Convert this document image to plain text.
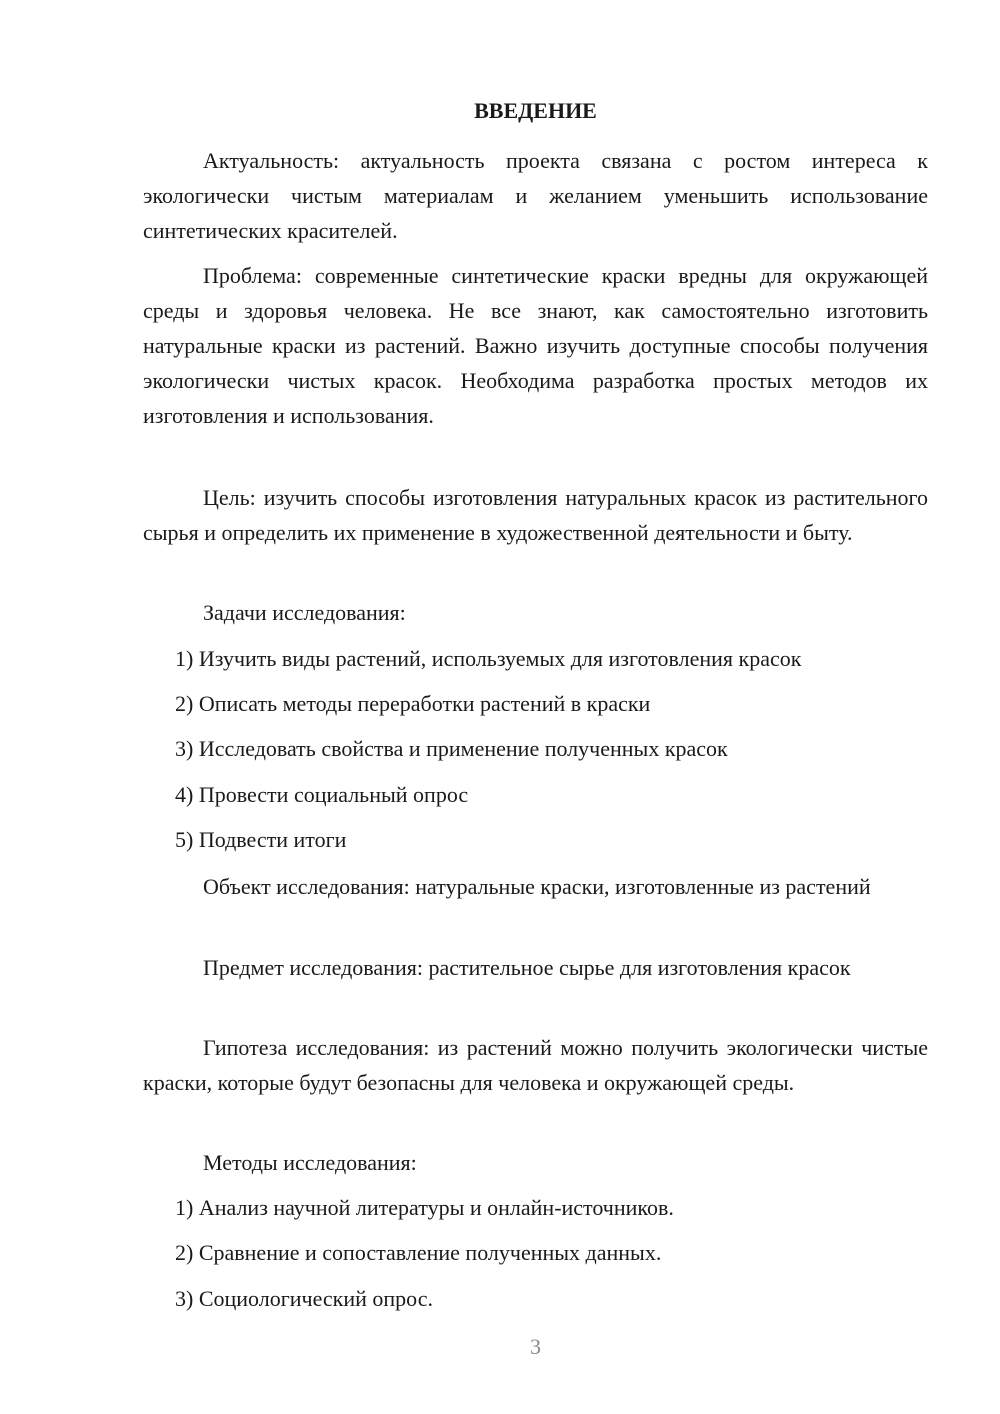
ВВЕДЕНИЕ

Актуальность: актуальность проекта связана с ростом интереса к экологически чистым материалам и желанием уменьшить использование синтетических красителей.

Проблема: современные синтетические краски вредны для окружающей среды и здоровья человека. Не все знают, как самостоятельно изготовить натуральные краски из растений. Важно изучить доступные способы получения экологически чистых красок. Необходима разработка простых методов их изготовления и использования.

Цель: изучить способы изготовления натуральных красок из растительного сырья и определить их применение в художественной деятельности и быту.

Задачи исследования:

1) Изучить виды растений, используемых для изготовления красок

2) Описать методы переработки растений в краски

3) Исследовать свойства и применение полученных красок

4) Провести социальный опрос

5) Подвести итоги

Объект исследования: натуральные краски, изготовленные из растений

Предмет исследования: растительное сырье для изготовления красок

Гипотеза исследования: из растений можно получить экологически чистые краски, которые будут безопасны для человека и окружающей среды.

Методы исследования:

1) Анализ научной литературы и онлайн-источников.

2) Сравнение и сопоставление полученных данных.

3) Социологический опрос.

3
